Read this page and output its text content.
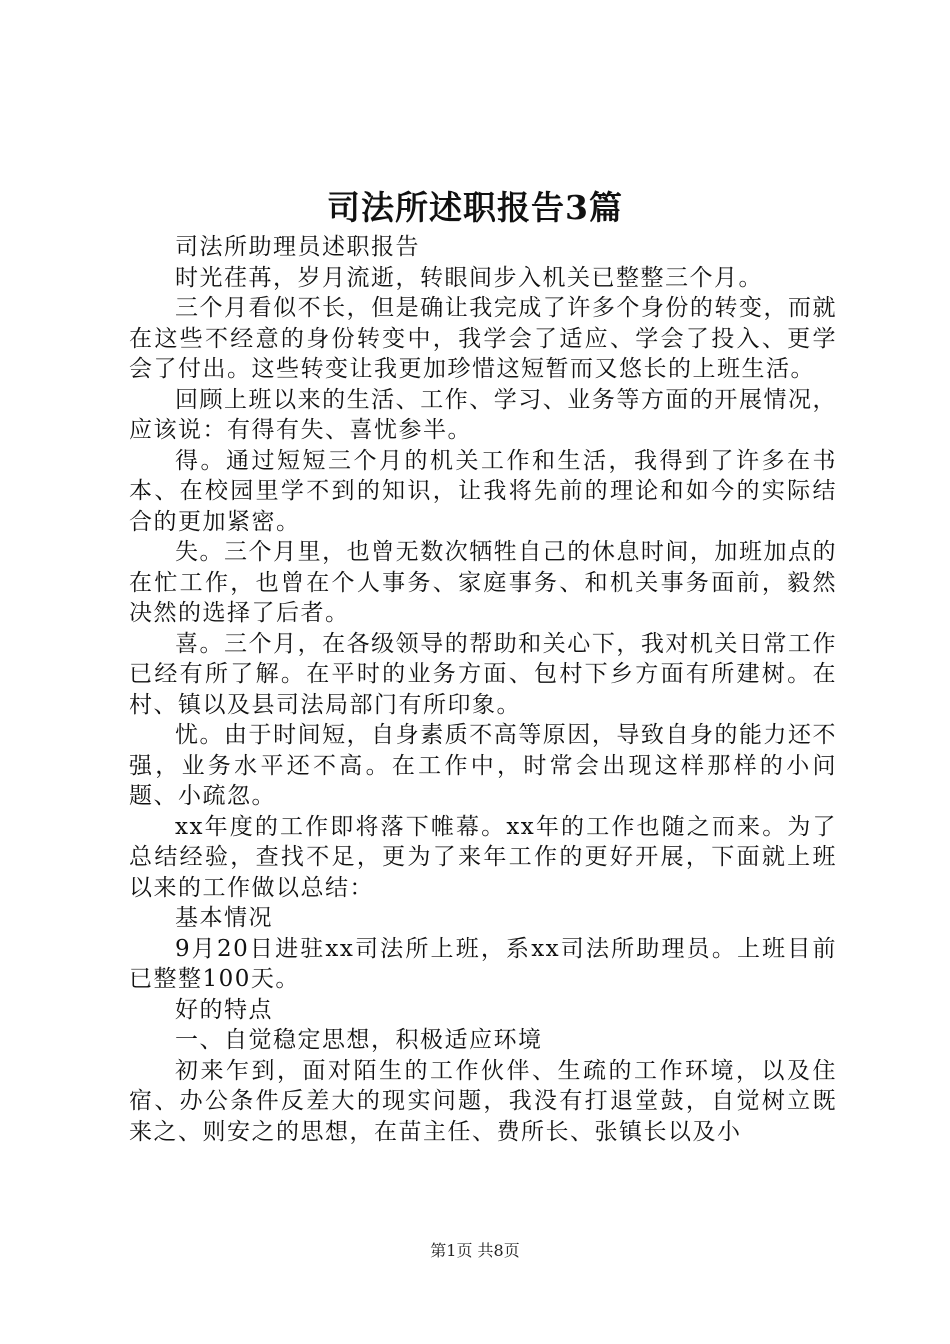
司法所述职报告3篇

司法所助理员述职报告

时光荏苒，岁月流逝，转眼间步入机关已整整三个月。

三个月看似不长，但是确让我完成了许多个身份的转变，而就在这些不经意的身份转变中，我学会了适应、学会了投入、更学会了付出。这些转变让我更加珍惜这短暂而又悠长的上班生活。

回顾上班以来的生活、工作、学习、业务等方面的开展情况，应该说：有得有失、喜忧参半。

得。通过短短三个月的机关工作和生活，我得到了许多在书本、在校园里学不到的知识，让我将先前的理论和如今的实际结合的更加紧密。

失。三个月里，也曾无数次牺牲自己的休息时间，加班加点的在忙工作，也曾在个人事务、家庭事务、和机关事务面前，毅然决然的选择了后者。

喜。三个月，在各级领导的帮助和关心下，我对机关日常工作已经有所了解。在平时的业务方面、包村下乡方面有所建树。在村、镇以及县司法局部门有所印象。

忧。由于时间短，自身素质不高等原因，导致自身的能力还不强，业务水平还不高。在工作中，时常会出现这样那样的小问题、小疏忽。

xx年度的工作即将落下帷幕。xx年的工作也随之而来。为了总结经验，查找不足，更为了来年工作的更好开展，下面就上班以来的工作做以总结：

基本情况

9月20日进驻xx司法所上班，系xx司法所助理员。上班目前已整整100天。

好的特点

一、自觉稳定思想，积极适应环境

初来乍到，面对陌生的工作伙伴、生疏的工作环境，以及住宿、办公条件反差大的现实问题，我没有打退堂鼓，自觉树立既来之、则安之的思想，在苗主任、费所长、张镇长以及小

第1页 共8页
